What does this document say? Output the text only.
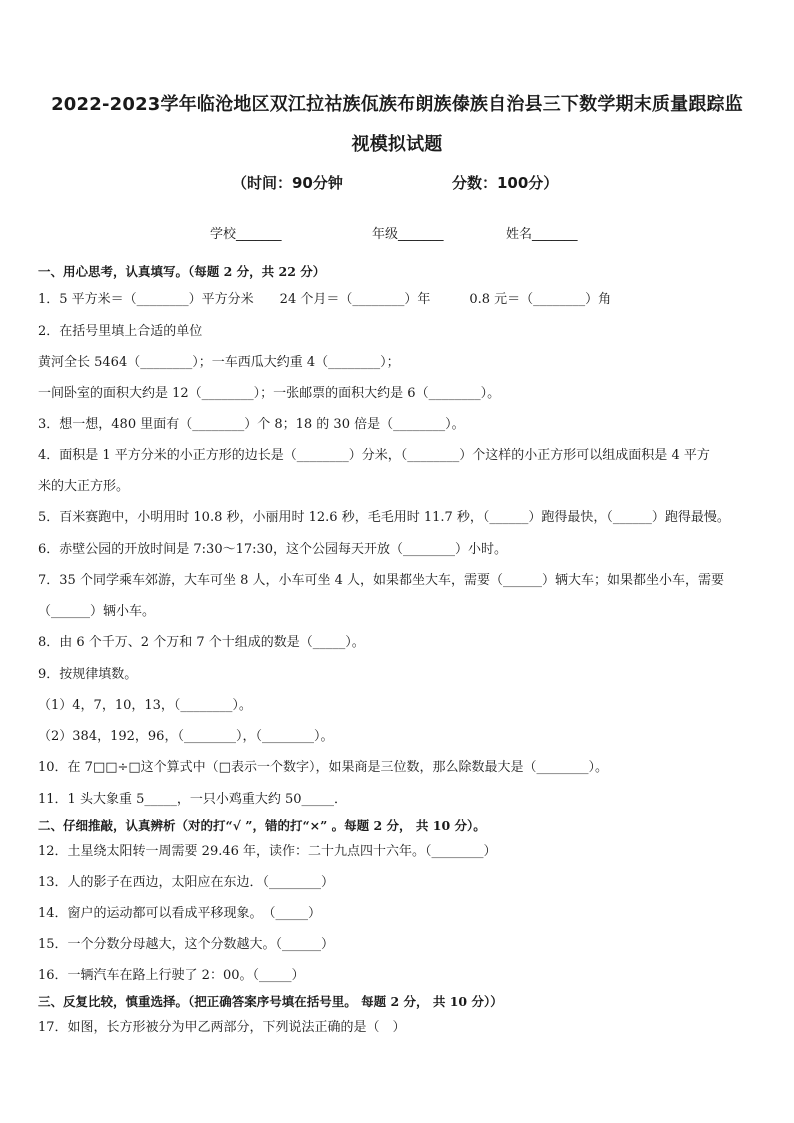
2022-2023学年临沧地区双江拉祜族佤族布朗族傣族自治县三下数学期末质量跟踪监
视模拟试题
（时间：90分钟	分数：100分）
学校_______	年级_______	姓名_______
一、用心思考，认真填写。（每题 2 分，共 22 分）
1．5 平方米＝（________）平方分米　　24 个月＝（________）年　　　0.8 元＝（________）角
2．在括号里填上合适的单位
黄河全长 5464（________）；一车西瓜大约重 4（________）；
一间卧室的面积大约是 12（________）；一张邮票的面积大约是 6（________）。
3．想一想，480 里面有（________）个 8；18 的 30 倍是（________）。
4．面积是 1 平方分米的小正方形的边长是（________）分米，（________）个这样的小正方形可以组成面积是 4 平方
米的大正方形。
5．百米赛跑中，小明用时 10.8 秒，小丽用时 12.6 秒，毛毛用时 11.7 秒，（______）跑得最快，（______）跑得最慢。
6．赤壁公园的开放时间是 7:30～17:30，这个公园每天开放（________）小时。
7．35 个同学乘车郊游，大车可坐 8 人，小车可坐 4 人，如果都坐大车，需要（______）辆大车；如果都坐小车，需要
（______）辆小车。
8．由 6 个千万、2 个万和 7 个十组成的数是（_____）。
9．按规律填数。
（1）4，7，10，13，（________）。
（2）384，192，96，（________），（________）。
10．在 7□□÷□这个算式中（□表示一个数字），如果商是三位数，那么除数最大是（________）。
11．1 头大象重 5_____，一只小鸡重大约 50_____．
二、仔细推敲，认真辨析（对的打“√ ”，错的打“×” 。每题 2 分， 共 10 分）。
12．土星绕太阳转一周需要 29.46 年，读作：二十九点四十六年。（________）
13．人的影子在西边，太阳应在东边．（________）
14．窗户的运动都可以看成平移现象。　（_____）
15．一个分数分母越大，这个分数越大。（______）
16．一辆汽车在路上行驶了 2：00。（_____）
三、反复比较，慎重选择。（把正确答案序号填在括号里。 每题 2 分， 共 10 分））
17．如图，长方形被分为甲乙两部分，下列说法正确的是（　）
